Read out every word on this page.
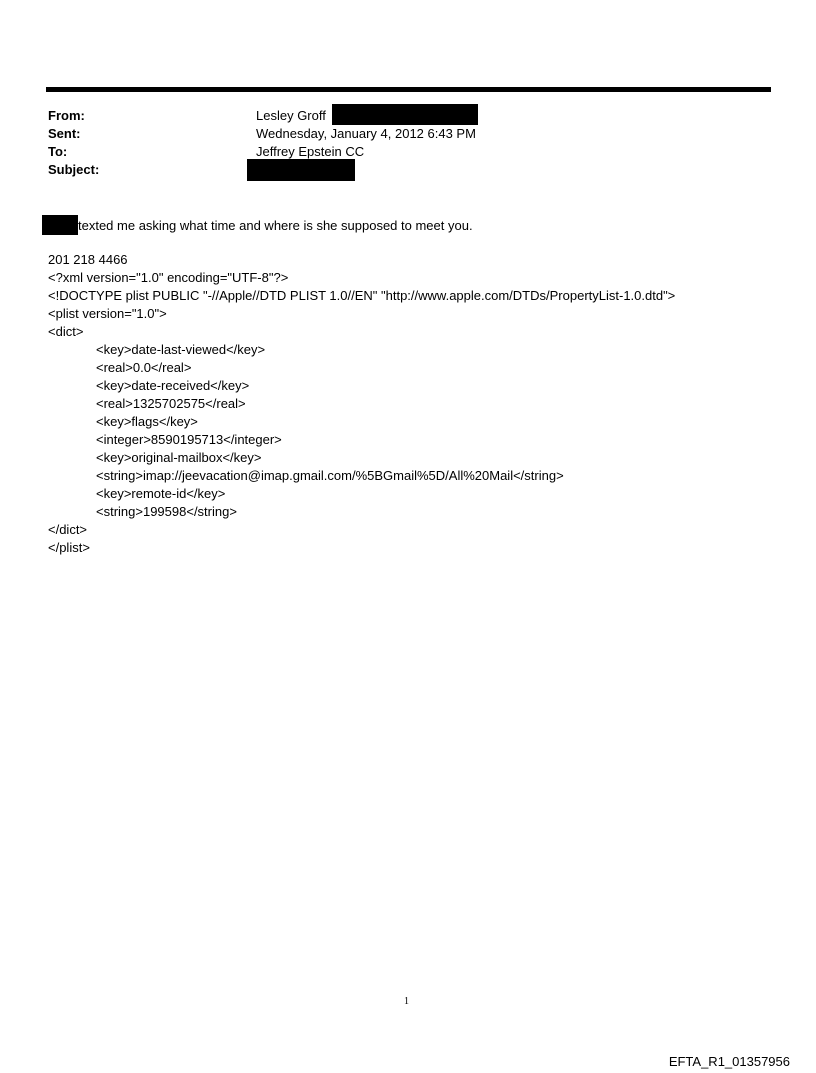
From:	Lesley Groff
Sent:	Wednesday, January 4, 2012 6:43 PM
To:	Jeffrey Epstein CC
Subject:
texted me asking what time and where is she supposed to meet you.
201 218 4466
<?xml version="1.0" encoding="UTF-8"?>
<!DOCTYPE plist PUBLIC "-//Apple//DTD PLIST 1.0//EN" "http://www.apple.com/DTDs/PropertyList-1.0.dtd">
<plist version="1.0">
<dict>
<key>date-last-viewed</key>
<real>0.0</real>
<key>date-received</key>
<real>1325702575</real>
<key>flags</key>
<integer>8590195713</integer>
<key>original-mailbox</key>
<string>imap://jeevacation@imap.gmail.com/%5BGmail%5D/All%20Mail</string>
<key>remote-id</key>
<string>199598</string>
</dict>
</plist>
1
EFTA_R1_01357956
